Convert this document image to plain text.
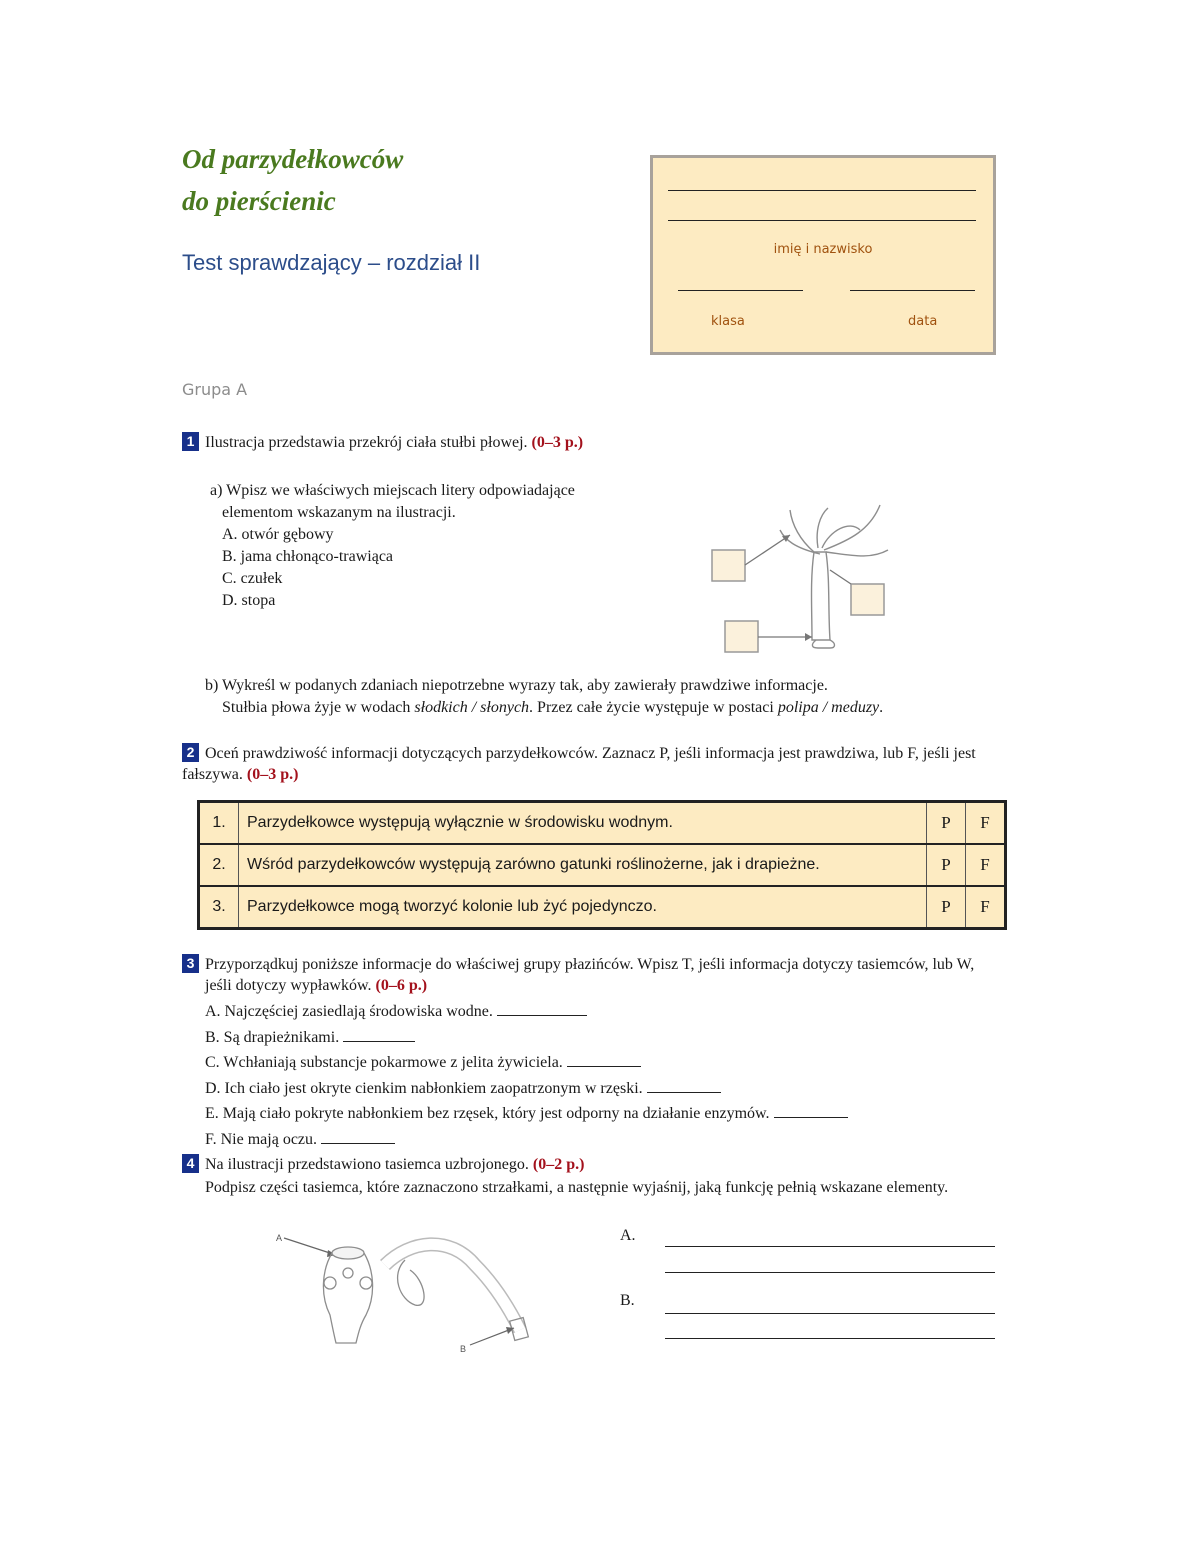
Od parzydełkowców
do pierścienic
Test sprawdzający – rozdział II
imię i nazwisko
klasa	data
Grupa A
1 Ilustracja przedstawia przekrój ciała stułbi płowej. (0–3 p.)
a) Wpisz we właściwych miejscach litery odpowiadające
elementom wskazanym na ilustracji.
A. otwór gębowy
B. jama chłonąco-trawiąca
C. czułek
D. stopa
b) Wykreśl w podanych zdaniach niepotrzebne wyrazy tak, aby zawierały prawdziwe informacje.
Stułbia płowa żyje w wodach słodkich / słonych. Przez całe życie występuje w postaci polipa / meduzy.
2 Oceń prawdziwość informacji dotyczących parzydełkowców. Zaznacz P, jeśli informacja jest prawdziwa, lub F, jeśli jest fałszywa. (0–3 p.)
1.	Parzydełkowce występują wyłącznie w środowisku wodnym.	P	F
2.	Wśród parzydełkowców występują zarówno gatunki roślinożerne, jak i drapieżne.	P	F
3.	Parzydełkowce mogą tworzyć kolonie lub żyć pojedynczo.	P	F
3 Przyporządkuj poniższe informacje do właściwej grupy płazińców. Wpisz T, jeśli informacja dotyczy tasiemców, lub W,
jeśli dotyczy wypławków. (0–6 p.)
A. Najczęściej zasiedlają środowiska wodne.
B. Są drapieżnikami.
C. Wchłaniają substancje pokarmowe z jelita żywiciela.
D. Ich ciało jest okryte cienkim nabłonkiem zaopatrzonym w rzęski.
E. Mają ciało pokryte nabłonkiem bez rzęsek, który jest odporny na działanie enzymów.
F. Nie mają oczu.
4 Na ilustracji przedstawiono tasiemca uzbrojonego. (0–2 p.)
Podpisz części tasiemca, które zaznaczono strzałkami, a następnie wyjaśnij, jaką funkcję pełnią wskazane elementy.
A
B
A.
B.
